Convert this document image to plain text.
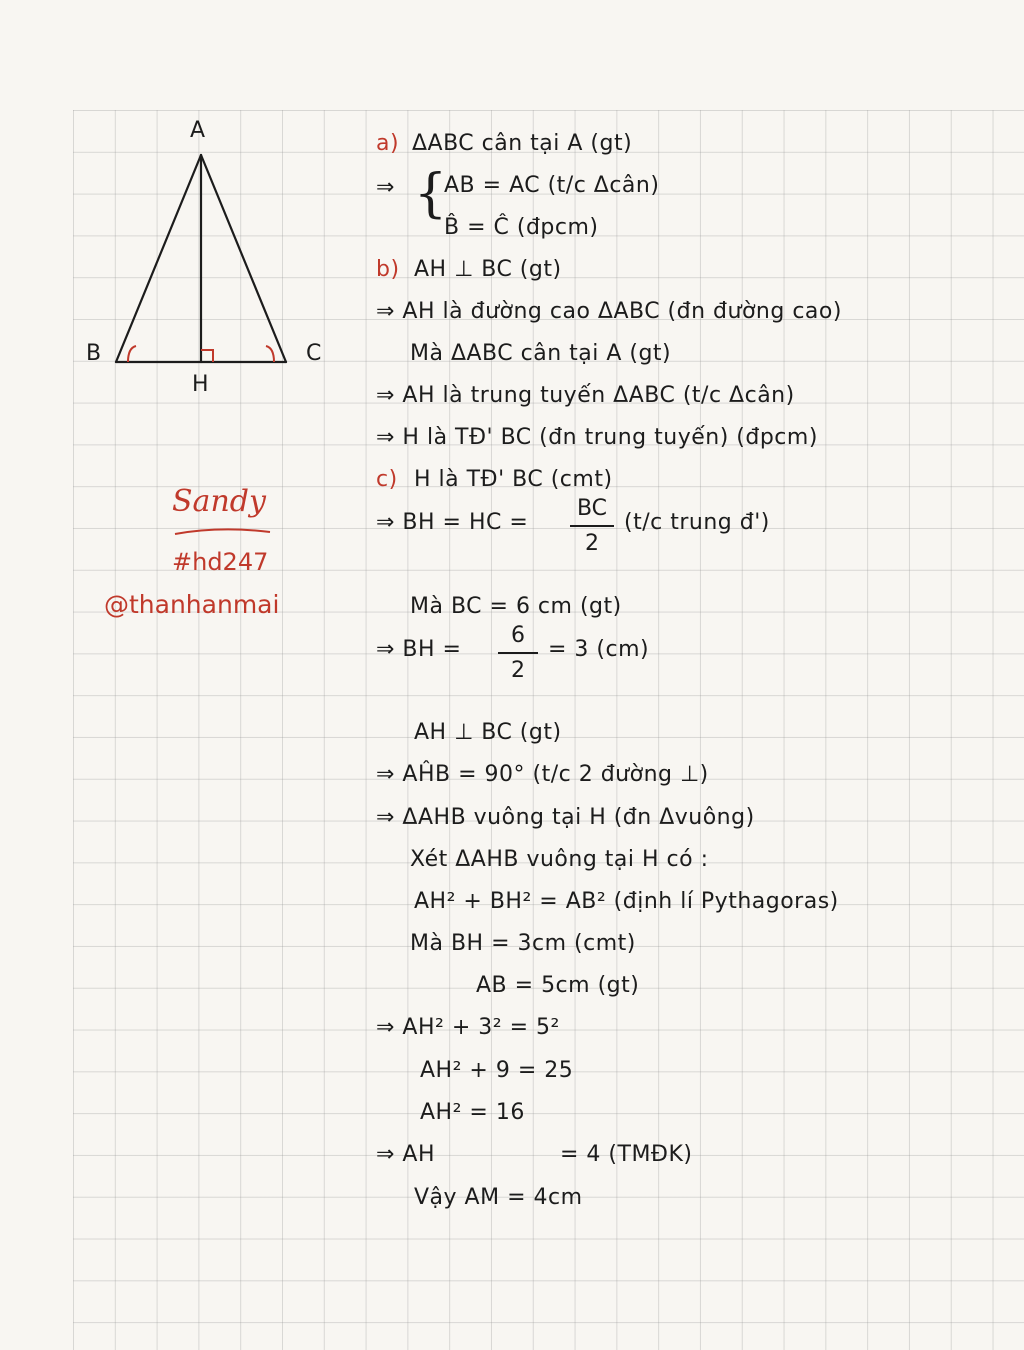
A
B	C
H
Sandy
#hd247
@thanhanmai
a) ΔABC cân tại A (gt)
⇒ {
AB = AC (t/c Δcân)
B̂ = Ĉ (đpcm)
b) AH ⊥ BC (gt)
⇒ AH là đường cao ΔABC (đn đường cao)
Mà ΔABC cân tại A (gt)
⇒ AH là trung tuyến ΔABC (t/c Δcân)
⇒ H là TĐ' BC (đn trung tuyến) (đpcm)
c) H là TĐ' BC (cmt)
⇒ BH = HC =
BC
2
(t/c trung đ')
Mà BC = 6 cm (gt)
⇒ BH =
6
2
= 3 (cm)
AH ⊥ BC (gt)
⇒ AĤB = 90° (t/c 2 đường ⊥)
⇒ ΔAHB vuông tại H (đn Δvuông)
Xét ΔAHB vuông tại H có :
AH² + BH² = AB² (định lí Pythagoras)
Mà BH = 3cm (cmt)
AB = 5cm (gt)
⇒ AH² + 3² = 5²
AH² + 9 = 25
AH² = 16
⇒ AH	= 4 (TMĐK)
Vậy AM = 4cm
